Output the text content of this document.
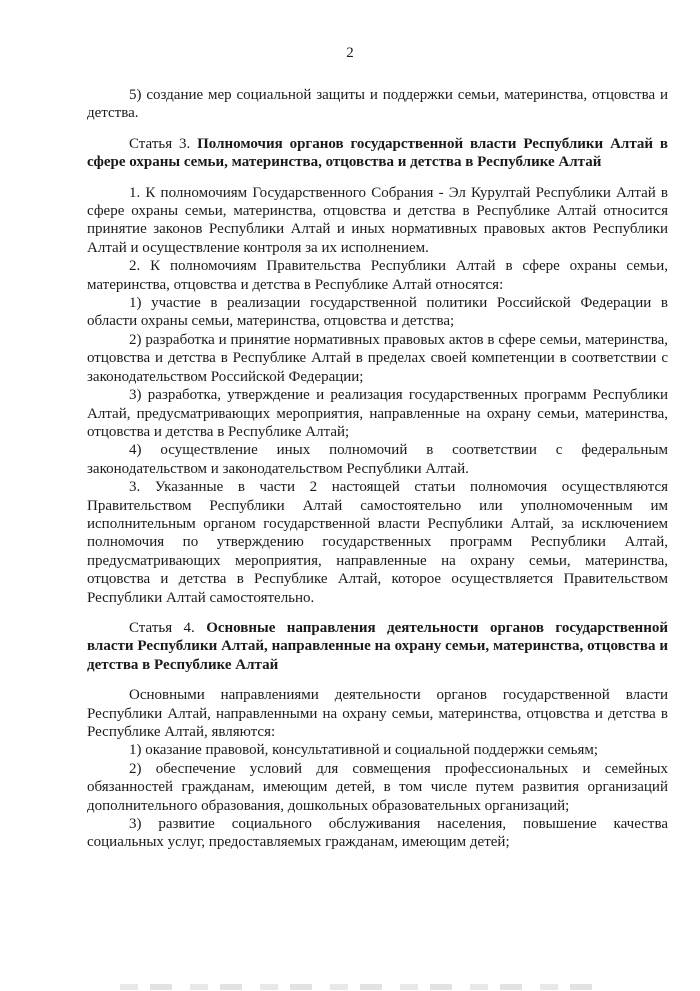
2

5) создание мер социальной защиты и поддержки семьи, материнства, отцовства и детства.

Статья 3. Полномочия органов государственной власти Республики Алтай в сфере охраны семьи, материнства, отцовства и детства в Республике Алтай

1. К полномочиям Государственного Собрания - Эл Курултай Республики Алтай в сфере охраны семьи, материнства, отцовства и детства в Республике Алтай относится принятие законов Республики Алтай и иных нормативных правовых актов Республики Алтай и осуществление контроля за их исполнением.

2. К полномочиям Правительства Республики Алтай в сфере охраны семьи, материнства, отцовства и детства в Республике Алтай относятся:

1) участие в реализации государственной политики Российской Федерации в области охраны семьи, материнства, отцовства и детства;

2) разработка и принятие нормативных правовых актов в сфере семьи, материнства, отцовства и детства в Республике Алтай в пределах своей компетенции в соответствии с законодательством Российской Федерации;

3) разработка, утверждение и реализация государственных программ Республики Алтай, предусматривающих мероприятия, направленные на охрану семьи, материнства, отцовства и детства в Республике Алтай;

4) осуществление иных полномочий в соответствии с федеральным законодательством и законодательством Республики Алтай.

3. Указанные в части 2 настоящей статьи полномочия осуществляются Правительством Республики Алтай самостоятельно или уполномоченным им исполнительным органом государственной власти Республики Алтай, за исключением полномочия по утверждению государственных программ Республики Алтай, предусматривающих мероприятия, направленные на охрану семьи, материнства, отцовства и детства в Республике Алтай, которое осуществляется Правительством Республики Алтай самостоятельно.

Статья 4. Основные направления деятельности органов государственной власти Республики Алтай, направленные на охрану семьи, материнства, отцовства и детства в Республике Алтай

Основными направлениями деятельности органов государственной власти Республики Алтай, направленными на охрану семьи, материнства, отцовства и детства в Республике Алтай, являются:

1) оказание правовой, консультативной и социальной поддержки семьям;

2) обеспечение условий для совмещения профессиональных и семейных обязанностей гражданам, имеющим детей, в том числе путем развития организаций дополнительного образования, дошкольных образовательных организаций;

3) развитие социального обслуживания населения, повышение качества социальных услуг, предоставляемых гражданам, имеющим детей;
